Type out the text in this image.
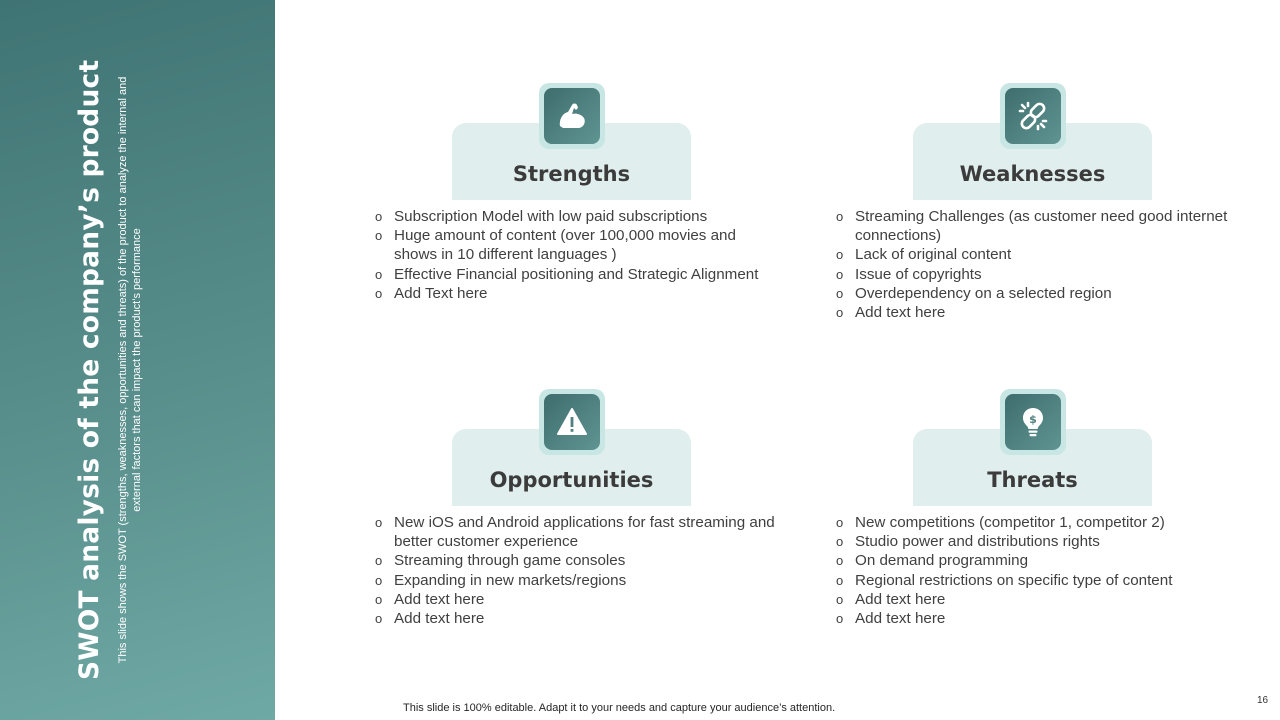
SWOT analysis of the company’s product This slide shows the SWOT (strengths, weaknesses, opportunities and threats) of the product to analyze the internal and external factors that can impact the product’s performance
Strengths
o Subscription Model with low paid subscriptions
o Huge amount of content (over 100,000 movies and shows in 10 different languages )
o Effective Financial positioning and Strategic Alignment
o Add Text here
Weaknesses
o Streaming Challenges (as customer need good internet connections)
o Lack of original content
o Issue of copyrights
o Overdependency on a selected region
o Add text here
Opportunities
o New iOS and Android applications for fast streaming and better customer experience
o Streaming through game consoles
o Expanding in new markets/regions
o Add text here
o Add text here
Threats
$
o New competitions (competitor 1, competitor 2)
o Studio power and distributions rights
o On demand programming
o Regional restrictions on specific type of content
o Add text here
o Add text here
This slide is 100% editable. Adapt it to your needs and capture your audience’s attention.
16
